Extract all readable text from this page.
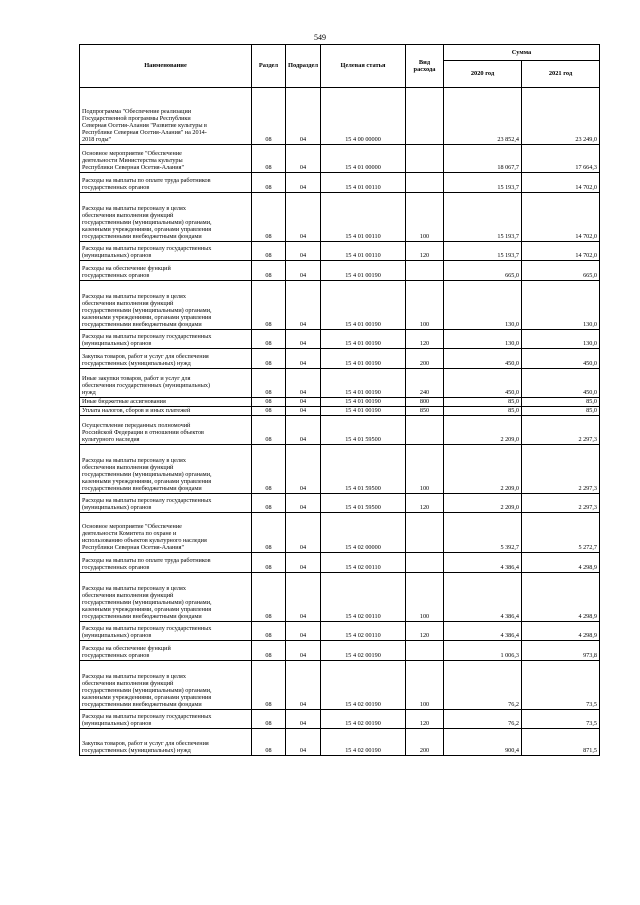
549
Наименование	Раздел	Подраздел	Целевая статья	Вид расхода	Сумма	
					2020 год	2021 год

Подпрограмма "Обеспечение реализации
Государственной программы Республики
Северная Осетия-Алания "Развитие культуры в
Республике Северная Осетия-Алания" на 2014-
2018 годы"	08	04	15 4 00 00000		23 852,4	23 249,0

Основное мероприятие "Обеспечение
деятельности Министерства культуры
Республики Северная Осетия-Алания"	08	04	15 4 01 00000		18 067,7	17 664,3

Расходы на выплаты по оплате труда работников
государственных органов	08	04	15 4 01 00110		15 193,7	14 702,0

Расходы на выплаты персоналу в целях
обеспечения выполнения функций
государственными (муниципальными) органами,
казенными учреждениями, органами управления
государственными внебюджетными фондами	08	04	15 4 01 00110	100	15 193,7	14 702,0

Расходы на выплаты персоналу государственных
(муниципальных) органов	08	04	15 4 01 00110	120	15 193,7	14 702,0

Расходы на обеспечение функций
государственных органов	08	04	15 4 01 00190		665,0	665,0

Расходы на выплаты персоналу в целях
обеспечения выполнения функций
государственными (муниципальными) органами,
казенными учреждениями, органами управления
государственными внебюджетными фондами	08	04	15 4 01 00190	100	130,0	130,0

Расходы на выплаты персоналу государственных
(муниципальных) органов	08	04	15 4 01 00190	120	130,0	130,0

Закупка товаров, работ и услуг для обеспечения
государственных (муниципальных) нужд	08	04	15 4 01 00190	200	450,0	450,0

Иные закупки товаров, работ и услуг для
обеспечения государственных (муниципальных)
нужд	08	04	15 4 01 00190	240	450,0	450,0

Иные бюджетные ассигнования	08	04	15 4 01 00190	800	85,0	85,0

Уплата налогов, сборов и иных платежей	08	04	15 4 01 00190	850	85,0	85,0

Осуществление переданных полномочий
Российской Федерации в отношении объектов
культурного наследия	08	04	15 4 01 59500		2 209,0	2 297,3

Расходы на выплаты персоналу в целях
обеспечения выполнения функций
государственными (муниципальными) органами,
казенными учреждениями, органами управления
государственными внебюджетными фондами	08	04	15 4 01 59500	100	2 209,0	2 297,3

Расходы на выплаты персоналу государственных
(муниципальных) органов	08	04	15 4 01 59500	120	2 209,0	2 297,3

Основное мероприятие "Обеспечение
деятельности Комитета по охране и
использованию объектов культурного наследия
Республики Северная Осетия-Алания"	08	04	15 4 02 00000		5 392,7	5 272,7

Расходы на выплаты по оплате труда работников
государственных органов	08	04	15 4 02 00110		4 386,4	4 298,9

Расходы на выплаты персоналу в целях
обеспечения выполнения функций
государственными (муниципальными) органами,
казенными учреждениями, органами управления
государственными внебюджетными фондами	08	04	15 4 02 00110	100	4 386,4	4 298,9

Расходы на выплаты персоналу государственных
(муниципальных) органов	08	04	15 4 02 00110	120	4 386,4	4 298,9

Расходы на обеспечение функций
государственных органов	08	04	15 4 02 00190		1 006,3	973,8

Расходы на выплаты персоналу в целях
обеспечения выполнения функций
государственными (муниципальными) органами,
казенными учреждениями, органами управления
государственными внебюджетными фондами	08	04	15 4 02 00190	100	76,2	73,5

Расходы на выплаты персоналу государственных
(муниципальных) органов	08	04	15 4 02 00190	120	76,2	73,5

Закупка товаров, работ и услуг для обеспечения
государственных (муниципальных) нужд	08	04	15 4 02 00190	200	900,4	871,5
